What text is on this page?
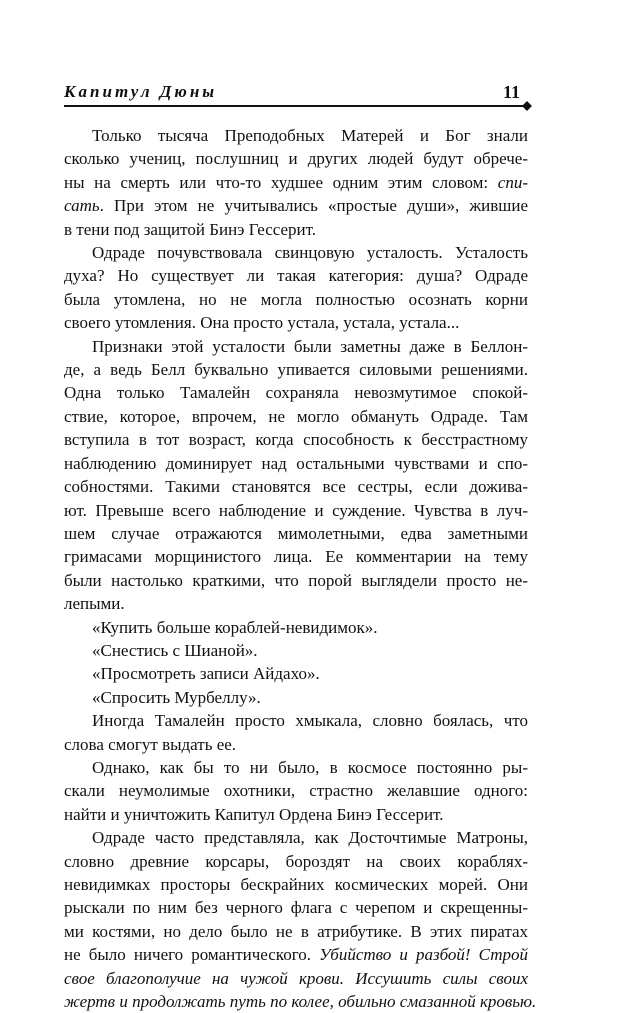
Капитул Дюны	11

Только тысяча Преподобных Матерей и Бог знали
сколько учениц, послушниц и других людей будут обрече-
ны на смерть или что-то худшее одним этим словом: спи-
сать. При этом не учитывались «простые души», жившие
в тени под защитой Бинэ Гессерит.

Одраде почувствовала свинцовую усталость. Усталость
духа? Но существует ли такая категория: душа? Одраде
была утомлена, но не могла полностью осознать корни
своего утомления. Она просто устала, устала, устала...

Признаки этой усталости были заметны даже в Беллон-
де, а ведь Белл буквально упивается силовыми решениями.
Одна только Тамалейн сохраняла невозмутимое спокой-
ствие, которое, впрочем, не могло обмануть Одраде. Там
вступила в тот возраст, когда способность к бесстрастному
наблюдению доминирует над остальными чувствами и спо-
собностями. Такими становятся все сестры, если дожива-
ют. Превыше всего наблюдение и суждение. Чувства в луч-
шем случае отражаются мимолетными, едва заметными
гримасами морщинистого лица. Ее комментарии на тему
были настолько краткими, что порой выглядели просто не-
лепыми.

«Купить больше кораблей-невидимок».

«Снестись с Шианой».

«Просмотреть записи Айдахо».

«Спросить Мурбеллу».

Иногда Тамалейн просто хмыкала, словно боялась, что
слова смогут выдать ее.

Однако, как бы то ни было, в космосе постоянно ры-
скали неумолимые охотники, страстно желавшие одного:
найти и уничтожить Капитул Ордена Бинэ Гессерит.

Одраде часто представляла, как Досточтимые Матроны,
словно древние корсары, бороздят на своих кораблях-
невидимках просторы бескрайних космических морей. Они
рыскали по ним без черного флага с черепом и скрещенны-
ми костями, но дело было не в атрибутике. В этих пиратах
не было ничего романтического. Убийство и разбой! Строй
свое благополучие на чужой крови. Иссушить силы своих
жертв и продолжать путь по колее, обильно смазанной кровью.
